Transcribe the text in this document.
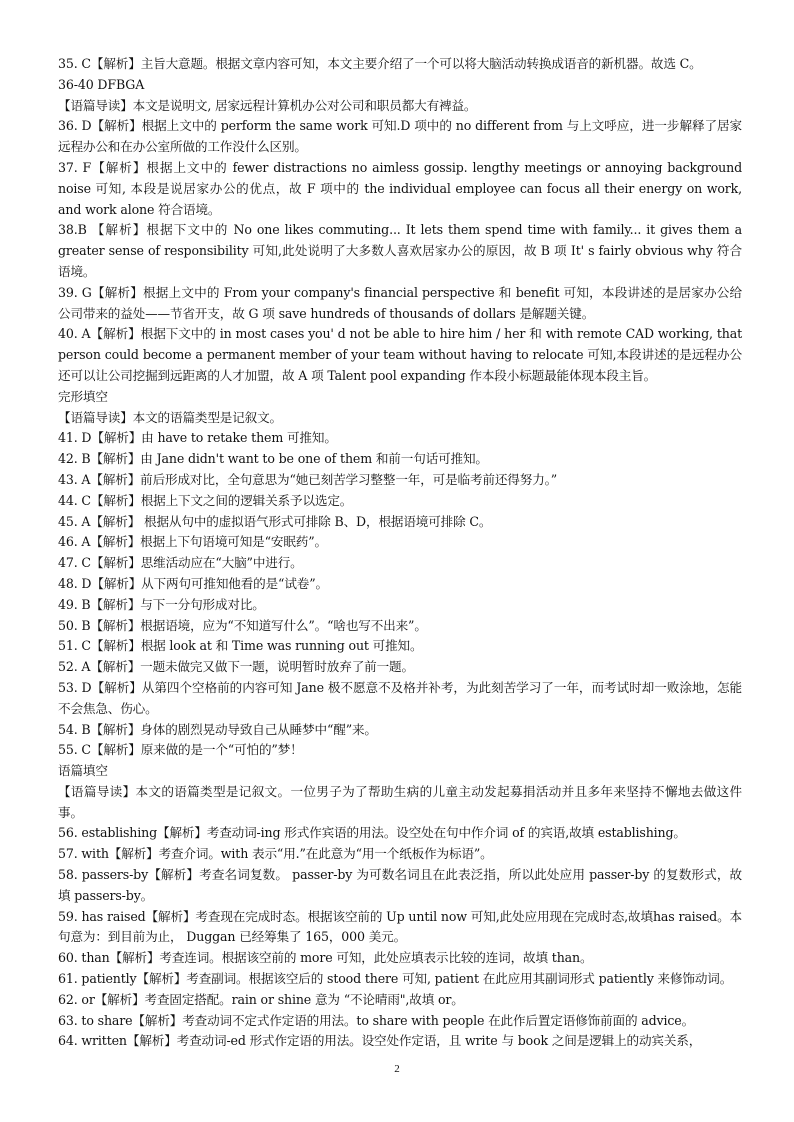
35. C【解析】主旨大意题。根据文章内容可知，本文主要介绍了一个可以将大脑活动转换成语音的新机器。故选 C。

36-40 DFBGA

【语篇导读】本文是说明文, 居家远程计算机办公对公司和职员都大有裨益。

36. D【解析】根据上文中的 perform the same work 可知.D 项中的 no different from 与上文呼应，进一步解释了居家远程办公和在办公室所做的工作没什么区别。

37. F【解析】根据上文中的 fewer distractions no aimless gossip. lengthy meetings or annoying background noise 可知, 本段是说居家办公的优点，故 F 项中的 the individual employee can focus all their energy on work, and work alone 符合语境。

38.B 【解析】根据下文中的 No one likes commuting... It lets them spend time with family... it gives them a greater sense of responsibility 可知,此处说明了大多数人喜欢居家办公的原因，故 B 项 It' s fairly obvious why 符合语境。

39. G【解析】根据上文中的 From your company's financial perspective 和 benefit 可知，本段讲述的是居家办公给公司带来的益处——节省开支，故 G 项 save hundreds of thousands of dollars 是解题关键。

40. A【解析】根据下文中的 in most cases you' d not be able to hire him / her 和 with remote CAD working, that person could become a permanent member of your team without having to relocate 可知,本段讲述的是远程办公还可以让公司挖掘到远距离的人才加盟，故 A 项 Talent pool expanding 作本段小标题最能体现本段主旨。

完形填空

【语篇导读】本文的语篇类型是记叙文。

41. D【解析】由 have to retake them 可推知。

42. B【解析】由 Jane didn't want to be one of them 和前一句话可推知。

43. A【解析】前后形成对比，全句意思为“她已刻苦学习整整一年，可是临考前还得努力。”

44. C【解析】根据上下文之间的逻辑关系予以选定。

45. A【解析】 根据从句中的虚拟语气形式可排除 B、D，根据语境可排除 C。

46. A【解析】根据上下句语境可知是“安眠药”。

47. C【解析】思维活动应在“大脑”中进行。

48. D【解析】从下两句可推知他看的是“试卷”。

49. B【解析】与下一分句形成对比。

50. B【解析】根据语境，应为“不知道写什么”。“啥也写不出来”。

51. C【解析】根据 look at 和 Time was running out 可推知。

52. A【解析】一题未做完又做下一题，说明暂时放弃了前一题。

53. D【解析】从第四个空格前的内容可知 Jane 极不愿意不及格并补考，为此刻苦学习了一年，而考试时却一败涂地，怎能不会焦急、伤心。

54. B【解析】身体的剧烈晃动导致自己从睡梦中“醒”来。

55. C【解析】原来做的是一个“可怕的”梦！

语篇填空

【语篇导读】本文的语篇类型是记叙文。一位男子为了帮助生病的儿童主动发起募捐活动并且多年来坚持不懈地去做这件事。

56. establishing【解析】考查动词-ing 形式作宾语的用法。设空处在句中作介词 of 的宾语,故填 establishing。

57. with【解析】考查介词。with 表示“用.”在此意为“用一个纸板作为标语”。

58. passers-by【解析】考查名词复数。 passer-by 为可数名词且在此表泛指，所以此处应用 passer-by 的复数形式，故填 passers-by。

59. has raised【解析】考查现在完成时态。根据该空前的 Up until now 可知,此处应用现在完成时态,故填has raised。本句意为：到目前为止， Duggan 已经筹集了 165，000 美元。

60. than【解析】考查连词。根据该空前的 more 可知，此处应填表示比较的连词，故填 than。

61. patiently【解析】考查副词。根据该空后的 stood there 可知, patient 在此应用其副词形式 patiently 来修饰动词。

62. or【解析】考查固定搭配。rain or shine 意为 “不论晴雨",故填 or。

63. to share【解析】考查动词不定式作定语的用法。to share with people 在此作后置定语修饰前面的 advice。

64. written【解析】考查动词-ed 形式作定语的用法。设空处作定语，且 write 与 book 之间是逻辑上的动宾关系，

2
